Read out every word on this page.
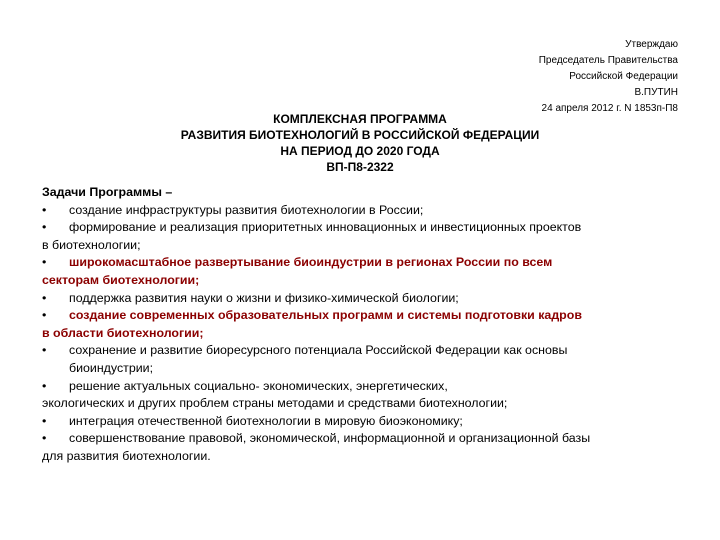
Утверждаю
Председатель Правительства
Российской Федерации
В.ПУТИН
24 апреля 2012 г. N 1853п-П8
КОМПЛЕКСНАЯ ПРОГРАММА
РАЗВИТИЯ БИОТЕХНОЛОГИЙ В РОССИЙСКОЙ ФЕДЕРАЦИИ
НА ПЕРИОД ДО 2020 ГОДА
ВП-П8-2322
Задачи Программы –
• создание инфраструктуры развития биотехнологии в России;
• формирование и реализация приоритетных инновационных и инвестиционных проектов
в биотехнологии;
• широкомасштабное развертывание биоиндустрии в регионах России по всем
секторам биотехнологии;
• поддержка развития науки о жизни и физико-химической биологии;
• создание современных образовательных программ и системы подготовки кадров
в области биотехнологии;
• сохранение и развитие биоресурсного потенциала Российской Федерации как основы
биоиндустрии;
• решение актуальных социально- экономических, энергетических,
экологических и других проблем страны методами и средствами биотехнологии;
• интеграция отечественной биотехнологии в мировую биоэкономику;
• совершенствование правовой, экономической, информационной и организационной базы
для развития биотехнологии.
